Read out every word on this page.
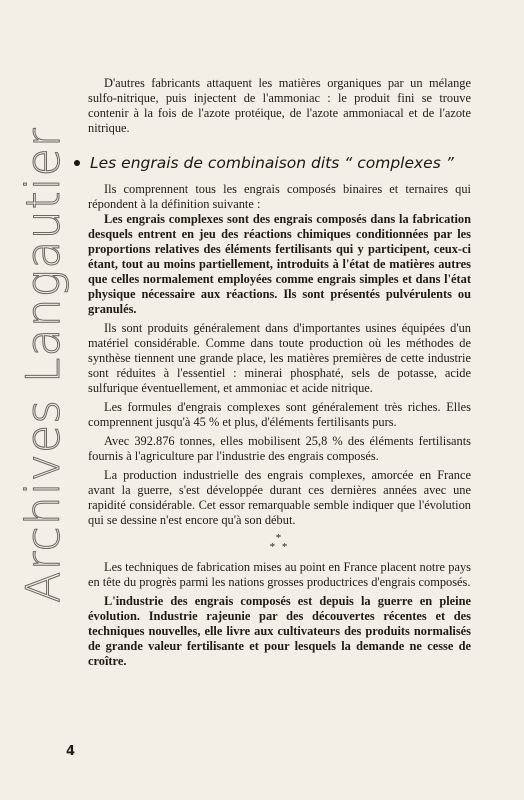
Archives Langautier

D'autres fabricants attaquent les matières organiques par un mélange sulfo-nitrique, puis injectent de l'ammoniac : le produit fini se trouve contenir à la fois de l'azote protéique, de l'azote ammoniacal et de l'azote nitrique.

Les engrais de combinaison dits “ complexes ”

Ils comprennent tous les engrais composés binaires et ternaires qui répondent à la définition suivante :

Les engrais complexes sont des engrais composés dans la fabrication desquels entrent en jeu des réactions chimiques conditionnées par les proportions relatives des éléments fertilisants qui y participent, ceux-ci étant, tout au moins partiellement, introduits à l'état de matières autres que celles normalement employées comme engrais simples et dans l'état physique nécessaire aux réactions. Ils sont présentés pulvérulents ou granulés.

Ils sont produits généralement dans d'importantes usines équipées d'un matériel considérable. Comme dans toute production où les méthodes de synthèse tiennent une grande place, les matières premières de cette industrie sont réduites à l'essentiel : minerai phosphaté, sels de potasse, acide sulfurique éventuellement, et ammoniac et acide nitrique.

Les formules d'engrais complexes sont généralement très riches. Elles comprennent jusqu'à 45 % et plus, d'éléments fertilisants purs.

Avec 392.876 tonnes, elles mobilisent 25,8 % des éléments fertilisants fournis à l'agriculture par l'industrie des engrais composés.

La production industrielle des engrais complexes, amorcée en France avant la guerre, s'est développée durant ces dernières années avec une rapidité considérable. Cet essor remarquable semble indiquer que l'évolution qui se dessine n'est encore qu'à son début.

*
* *

Les techniques de fabrication mises au point en France placent notre pays en tête du progrès parmi les nations grosses productrices d'engrais composés.

L'industrie des engrais composés est depuis la guerre en pleine évolution. Industrie rajeunie par des découvertes récentes et des techniques nouvelles, elle livre aux cultivateurs des produits normalisés de grande valeur fertilisante et pour lesquels la demande ne cesse de croître.

4
